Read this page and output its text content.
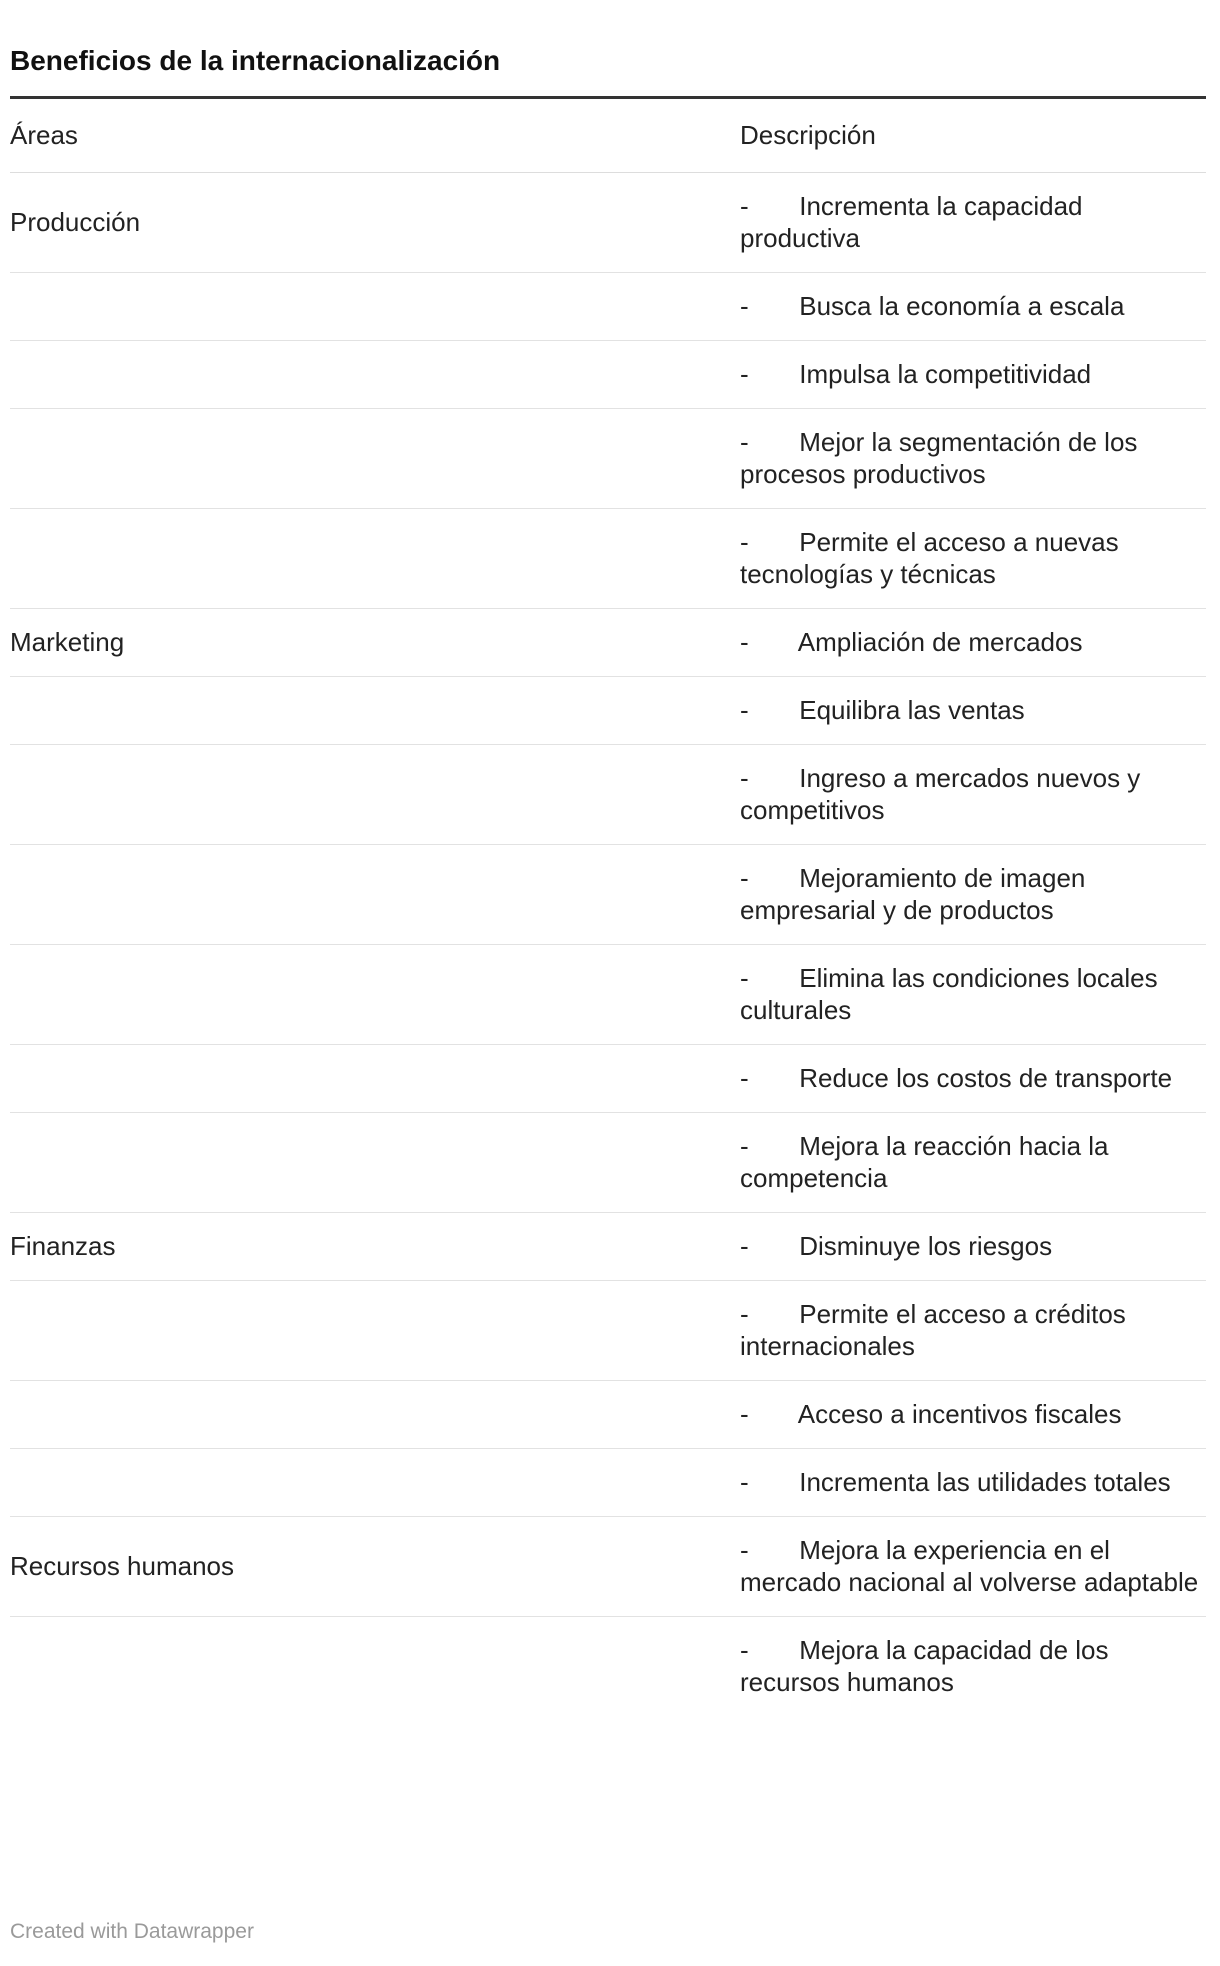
Beneficios de la internacionalización
Áreas	Descripción
Producción	-       Incrementa la capacidad productiva
	-       Busca la economía a escala
	-       Impulsa la competitividad
	-       Mejor la segmentación de los procesos productivos
	-       Permite el acceso a nuevas tecnologías y técnicas
Marketing	-       Ampliación de mercados
	-       Equilibra las ventas
	-       Ingreso a mercados nuevos y competitivos
	-       Mejoramiento de imagen empresarial y de productos
	-       Elimina las condiciones locales culturales
	-       Reduce los costos de transporte
	-       Mejora la reacción hacia la competencia
Finanzas	-       Disminuye los riesgos
	-       Permite el acceso a créditos internacionales
	-       Acceso a incentivos fiscales
	-       Incrementa las utilidades totales
Recursos humanos	-       Mejora la experiencia en el mercado nacional al volverse adaptable
	-       Mejora la capacidad de los recursos humanos
Created with Datawrapper
